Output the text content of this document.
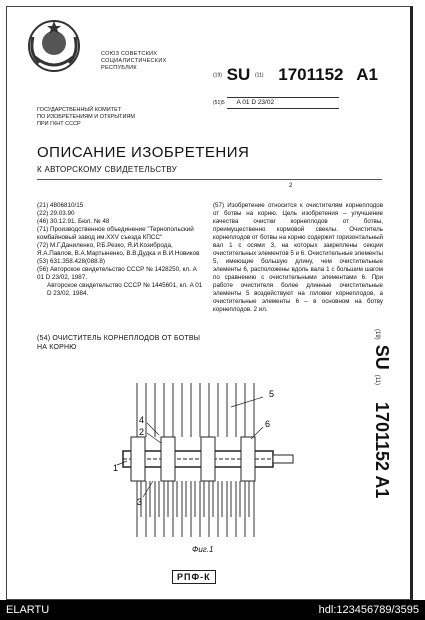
СОЮЗ СОВЕТСКИХ
СОЦИАЛИСТИЧЕСКИХ
РЕСПУБЛИК
ГОСУДАРСТВЕННЫЙ КОМИТЕТ
ПО ИЗОБРЕТЕНИЯМ И ОТКРЫТИЯМ
ПРИ ГКНТ СССР
(19) SU (11) 1701152 A1
(51)5 A 01 D 23/02
ОПИСАНИЕ ИЗОБРЕТЕНИЯ
К АВТОРСКОМУ СВИДЕТЕЛЬСТВУ
2

(21) 4806810/15

(22) 29.03.90

(46) 30.12.91. Бюл. № 48

(71) Производственное объединение "Тернопольский комбайновый завод им.XXV съезда КПСС"

(72) М.Г.Даниленко, Р.Б.Резко, Я.И.Козиброда, Я.А.Павлов, В.А.Мартыненко, В.В.Дудка и В.И.Новиков

(53) 631.358.428(088.8)

(56) Авторское свидетельство СССР № 1428250, кл. A 01 D 23/02, 1987.

Авторское свидетельство СССР № 1445601, кл. A 01 D 23/02, 1984.

(54) ОЧИСТИТЕЛЬ КОРНЕПЛОДОВ ОТ БОТВЫ НА КОРНЮ
(57) Изобретение относится к очистителям корнеплодов от ботвы на корню. Цель изобретения – улучшение качества очистки корнеплодов от ботвы, преимущественно кормовой свеклы. Очиститель корнеплодов от ботвы на корню содержит горизонтальный вал 1 с осями 3, на которых закреплены секции очистительных элементов 5 и 6. Очистительные элементы 5, имеющие большую длину, чем очистительные элементы 6, расположены вдоль вала 1 с большим шагом по сравнению с очистительными элементами 6. При работе очистителя более длинные очистительные элементы 5 воздействуют на головки корнеплодов, а очистительные элементы 6 – в основном на ботву корнеплодов. 2 ил.
(19) SU (11) 1701152 A1
5
4
2
6
1
3
Фиг.1
РПФ-К
ELARTU	hdl:123456789/3595
